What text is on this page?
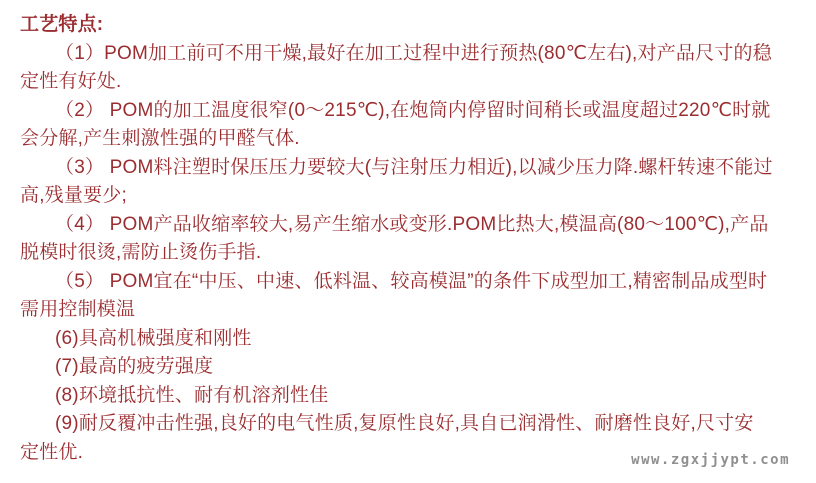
工艺特点:
（1）POM加工前可不用干燥,最好在加工过程中进行预热(80℃左右),对产品尺寸的稳
定性有好处.
（2） POM的加工温度很窄(0～215℃),在炮筒内停留时间稍长或温度超过220℃时就
会分解,产生刺激性强的甲醛气体.
（3） POM料注塑时保压压力要较大(与注射压力相近),以减少压力降.螺杆转速不能过
高,残量要少;
（4） POM产品收缩率较大,易产生缩水或变形.POM比热大,模温高(80～100℃),产品
脱模时很烫,需防止烫伤手指.
（5） POM宜在“中压、中速、低料温、较高模温”的条件下成型加工,精密制品成型时
需用控制模温
(6)具高机械强度和刚性
(7)最高的疲劳强度
(8)环境抵抗性、耐有机溶剂性佳
(9)耐反覆冲击性强,良好的电气性质,复原性良好,具自已润滑性、耐磨性良好,尺寸安
定性优.	www.zgxjjypt.com
